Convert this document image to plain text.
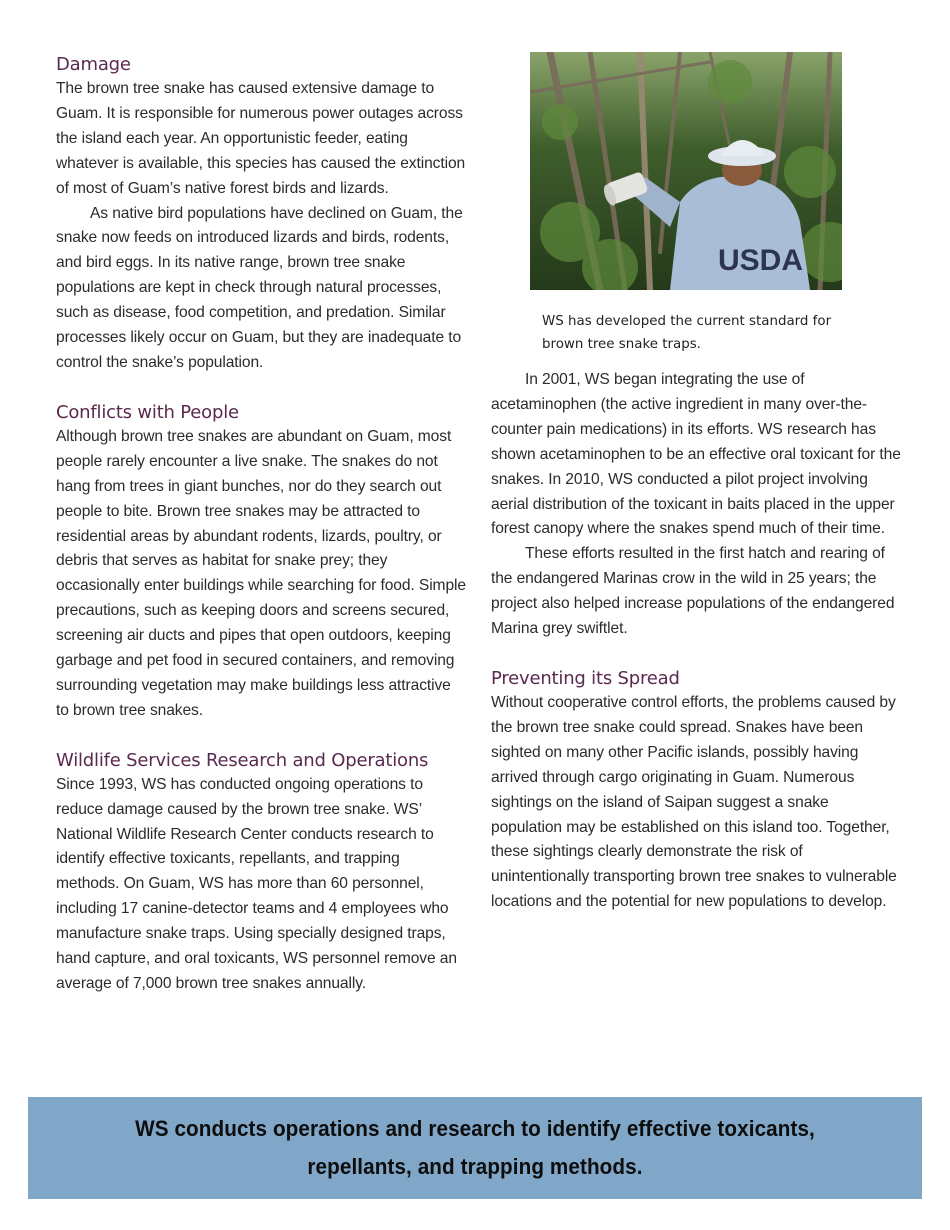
Damage

The brown tree snake has caused extensive damage to Guam. It is responsible for numerous power outages across the island each year. An opportunistic feeder, eating whatever is available, this species has caused the extinction of most of Guam’s native forest birds and lizards.

As native bird populations have declined on Guam, the snake now feeds on introduced lizards and birds, rodents, and bird eggs. In its native range, brown tree snake populations are kept in check through natural processes, such as disease, food competition, and predation. Similar processes likely occur on Guam, but they are inadequate to control the snake’s population.

Conflicts with People

Although brown tree snakes are abundant on Guam, most people rarely encounter a live snake. The snakes do not hang from trees in giant bunches, nor do they search out people to bite. Brown tree snakes may be attracted to residential areas by abundant rodents, lizards, poultry, or debris that serves as habitat for snake prey; they occasionally enter buildings while searching for food. Simple precautions, such as keeping doors and screens secured, screening air ducts and pipes that open outdoors, keeping garbage and pet food in secured containers, and removing surrounding vegetation may make buildings less attractive to brown tree snakes.

Wildlife Services Research and Operations

Since 1993, WS has conducted ongoing operations to reduce damage caused by the brown tree snake. WS’ National Wildlife Research Center conducts research to identify effective toxicants, repellants, and trapping methods. On Guam, WS has more than 60 personnel, including 17 canine-detector teams and 4 employees who manufacture snake traps. Using specially designed traps, hand capture, and oral toxicants, WS personnel remove an average of 7,000 brown tree snakes annually.

USDA
WS has developed the current standard for brown tree snake traps.

In 2001, WS began integrating the use of acetaminophen (the active ingredient in many over-the-counter pain medications) in its efforts. WS research has shown acetaminophen to be an effective oral toxicant for the snakes. In 2010, WS conducted a pilot project involving aerial distribution of the toxicant in baits placed in the upper forest canopy where the snakes spend much of their time.

These efforts resulted in the first hatch and rearing of the endangered Marinas crow in the wild in 25 years; the project also helped increase populations of the endangered Marina grey swiftlet.

Preventing its Spread

Without cooperative control efforts, the problems caused by the brown tree snake could spread. Snakes have been sighted on many other Pacific islands, possibly having arrived through cargo originating in Guam. Numerous sightings on the island of Saipan suggest a snake population may be established on this island too. Together, these sightings clearly demonstrate the risk of unintentionally transporting brown tree snakes to vulnerable locations and the potential for new populations to develop.

WS conducts operations and research to identify effective toxicants, repellants, and trapping methods.
